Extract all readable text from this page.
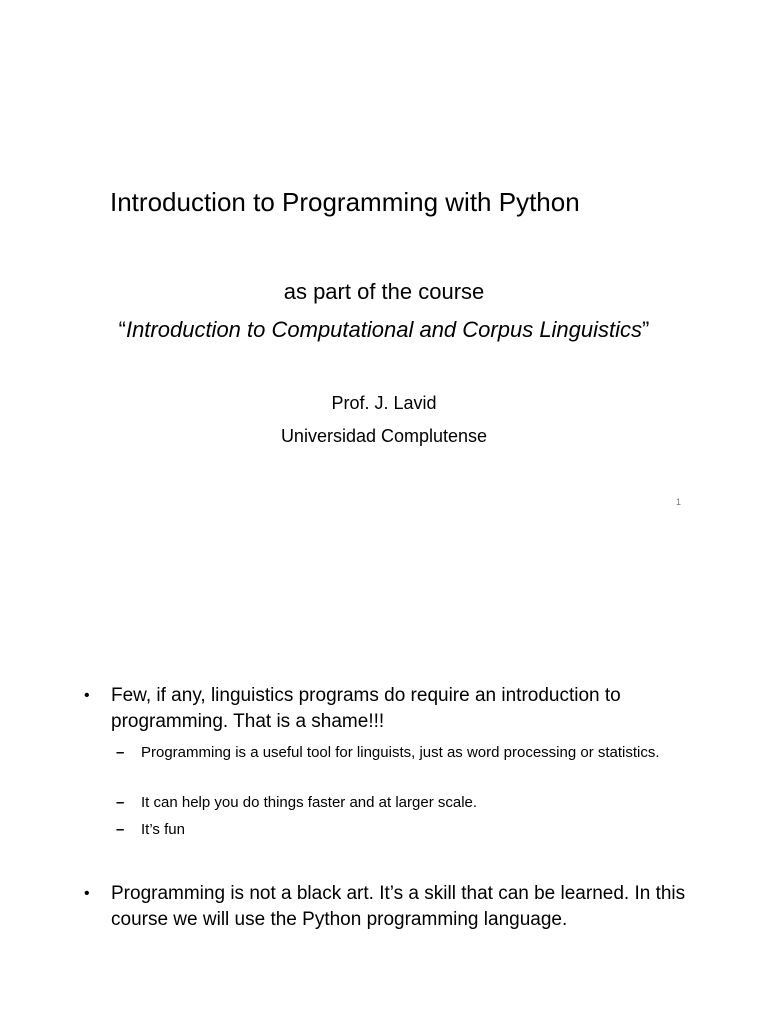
Introduction to Programming with Python
as part of the course
“Introduction to Computational and Corpus Linguistics”
Prof. J. Lavid
Universidad Complutense
1
•	Few, if any, linguistics programs do require an introduction to programming. That is a shame!!!
– Programming is a useful tool for linguists, just as word processing or statistics.
– It can help you do things faster and at larger scale.
– It’s fun
•	Programming is not a black art. It’s a skill that can be learned. In this course we will use the Python programming language.
